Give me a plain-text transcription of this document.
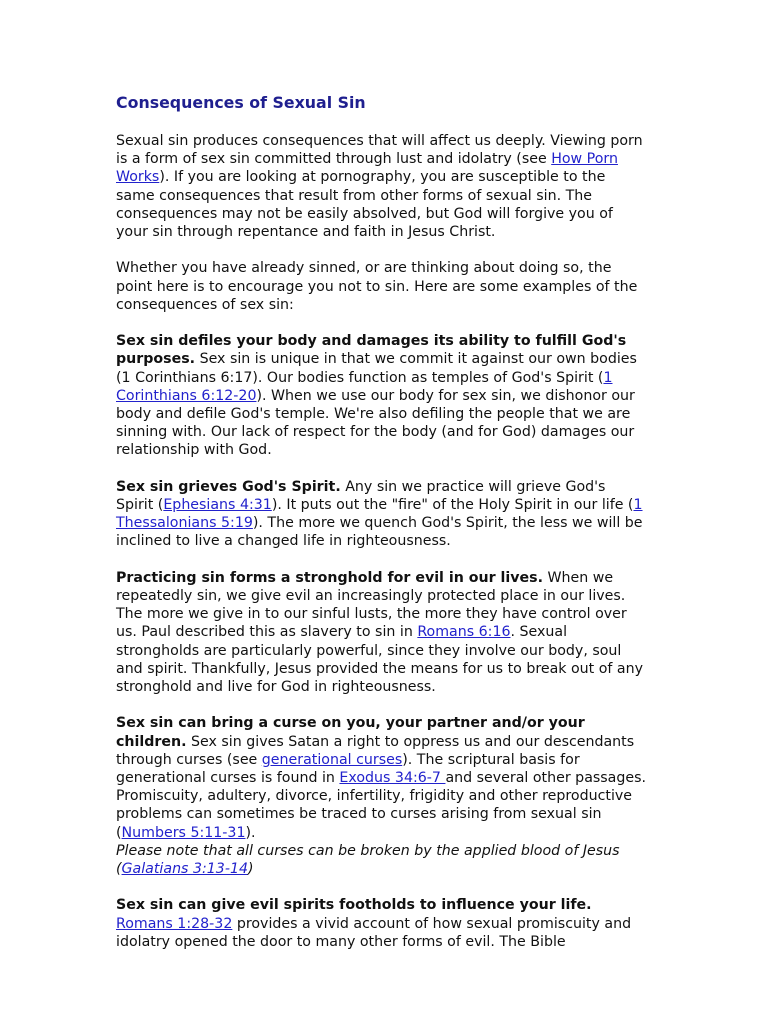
Consequences of Sexual Sin

Sexual sin produces consequences that will affect us deeply. Viewing porn is a form of sex sin committed through lust and idolatry (see How Porn Works). If you are looking at pornography, you are susceptible to the same consequences that result from other forms of sexual sin. The consequences may not be easily absolved, but God will forgive you of your sin through repentance and faith in Jesus Christ.

Whether you have already sinned, or are thinking about doing so, the point here is to encourage you not to sin. Here are some examples of the consequences of sex sin:

Sex sin defiles your body and damages its ability to fulfill God's purposes. Sex sin is unique in that we commit it against our own bodies (1 Corinthians 6:17). Our bodies function as temples of God's Spirit (1 Corinthians 6:12-20). When we use our body for sex sin, we dishonor our body and defile God's temple. We're also defiling the people that we are sinning with. Our lack of respect for the body (and for God) damages our relationship with God.

Sex sin grieves God's Spirit. Any sin we practice will grieve God's Spirit (Ephesians 4:31). It puts out the "fire" of the Holy Spirit in our life (1 Thessalonians 5:19). The more we quench God's Spirit, the less we will be inclined to live a changed life in righteousness.

Practicing sin forms a stronghold for evil in our lives. When we repeatedly sin, we give evil an increasingly protected place in our lives. The more we give in to our sinful lusts, the more they have control over us. Paul described this as slavery to sin in Romans 6:16. Sexual strongholds are particularly powerful, since they involve our body, soul and spirit. Thankfully, Jesus provided the means for us to break out of any stronghold and live for God in righteousness.

Sex sin can bring a curse on you, your partner and/or your children. Sex sin gives Satan a right to oppress us and our descendants through curses (see generational curses). The scriptural basis for generational curses is found in Exodus 34:6-7 and several other passages. Promiscuity, adultery, divorce, infertility, frigidity and other reproductive problems can sometimes be traced to curses arising from sexual sin (Numbers 5:11-31).
Please note that all curses can be broken by the applied blood of Jesus (Galatians 3:13-14)

Sex sin can give evil spirits footholds to influence your life.
Romans 1:28-32 provides a vivid account of how sexual promiscuity and idolatry opened the door to many other forms of evil. The Bible
